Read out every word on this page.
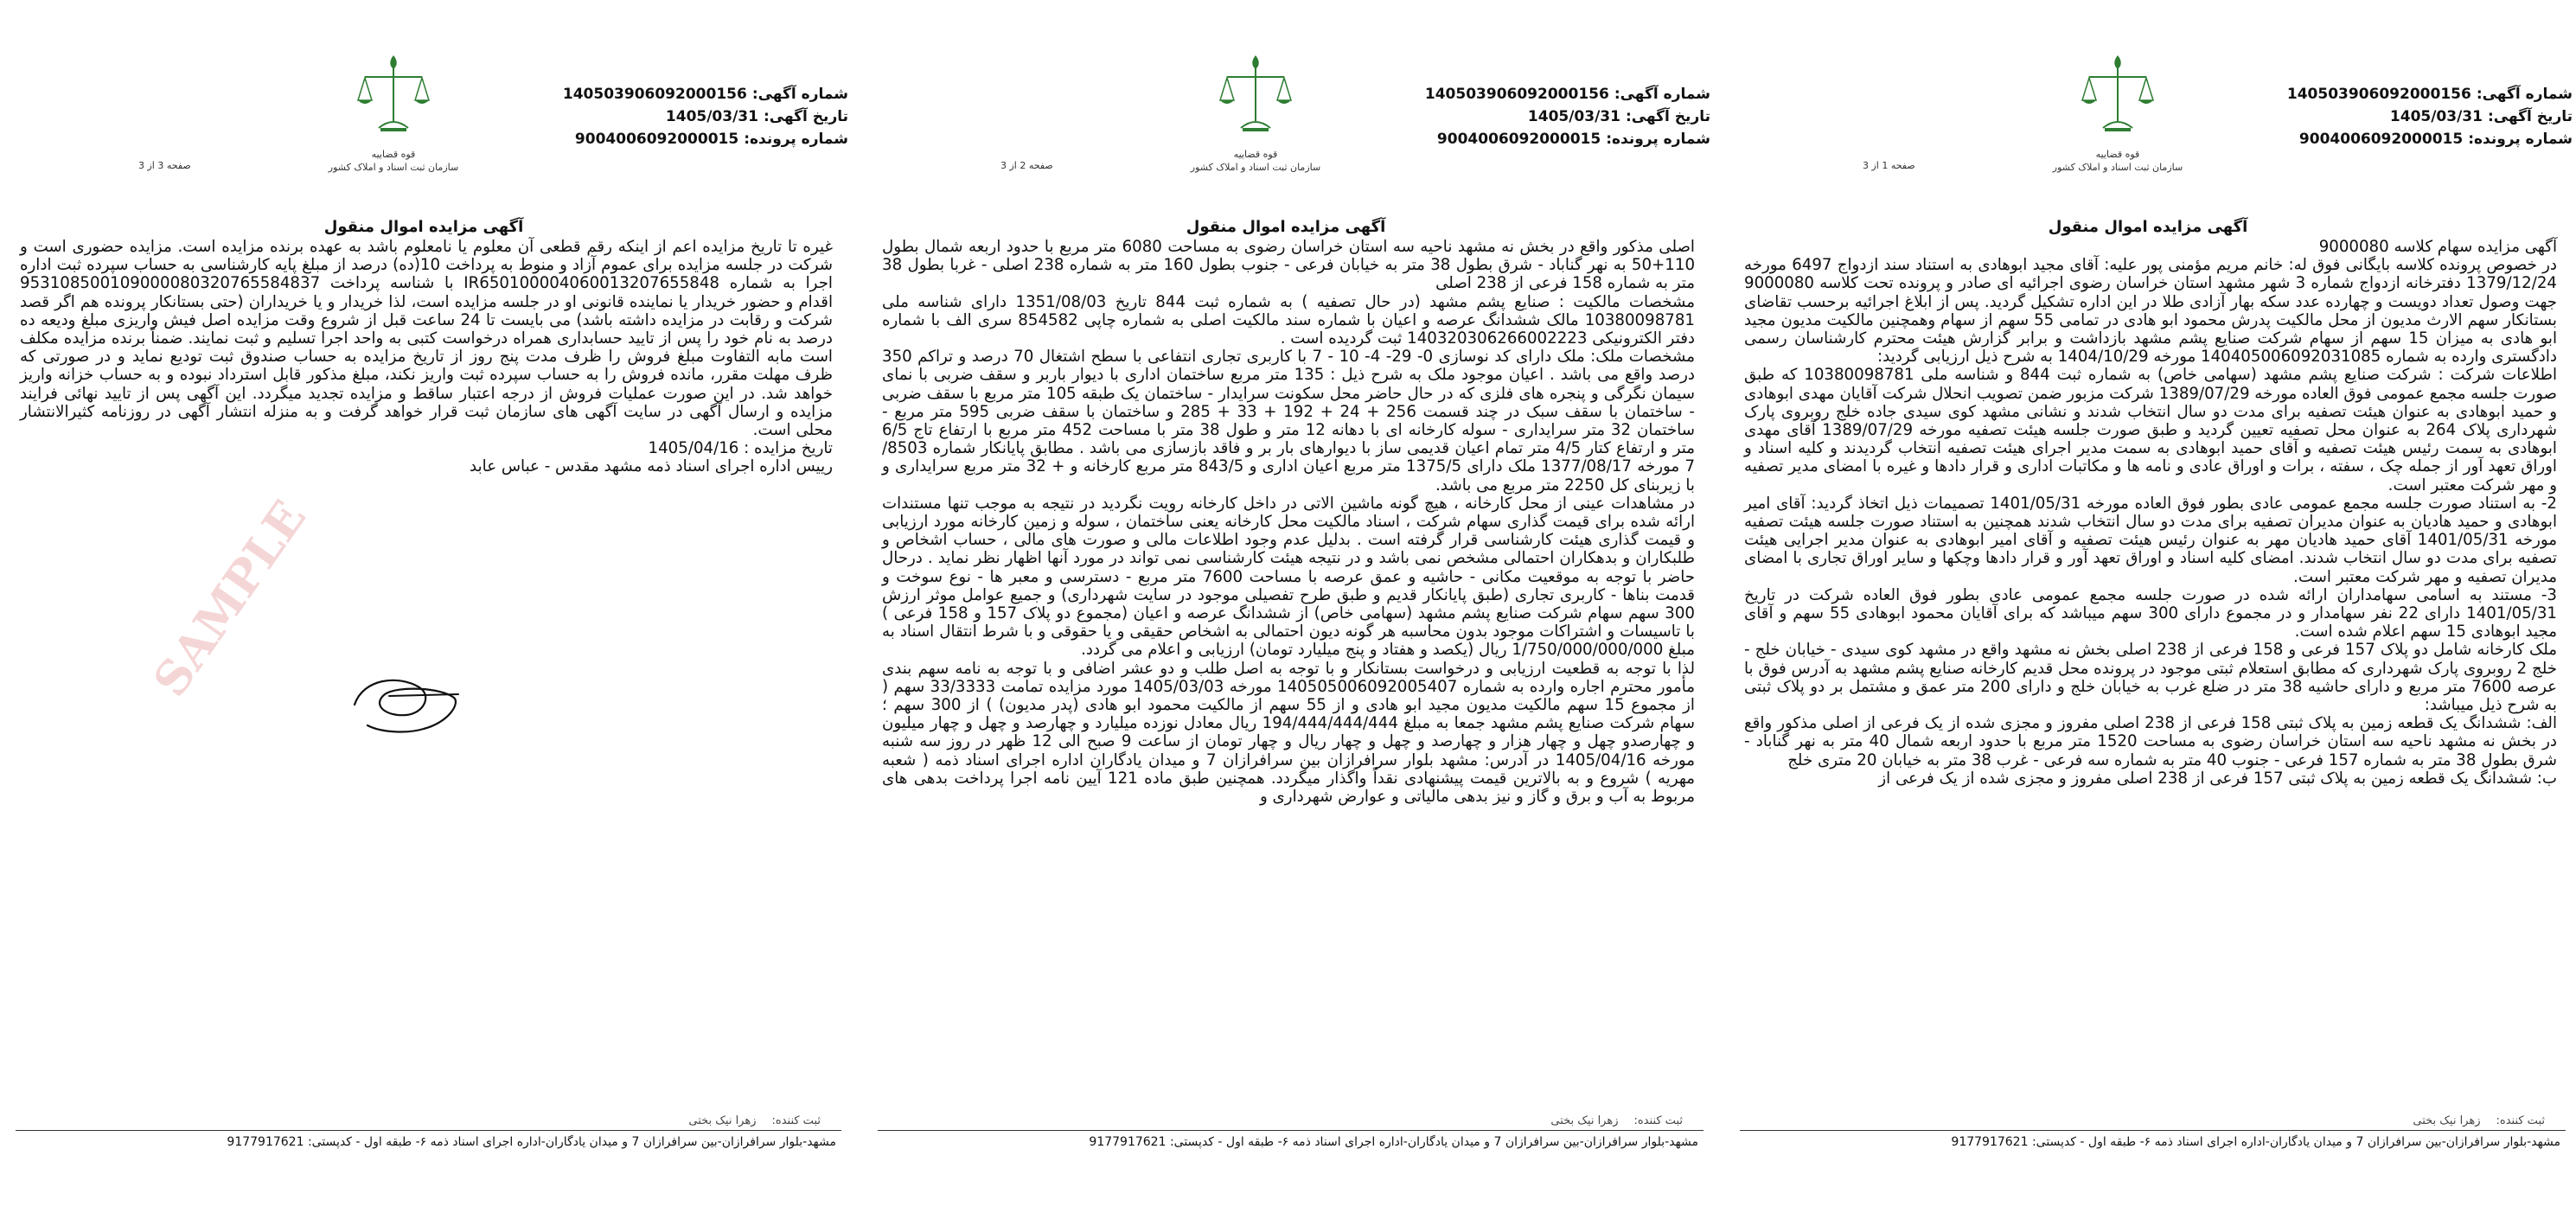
شماره آگهی:140503906092000156
تاریخ آگهی:1405/03/31
شماره پرونده:9004006092000015
قوه قضاییه
سازمان ثبت اسناد و املاک کشور
صفحه 1 از 3
آگهی مزایده اموال منقول

آگهی مزایده سهام کلاسه 9000080

در خصوص پرونده کلاسه بایگانی فوق له: خانم مریم مؤمنی پور علیه: آقای مجید ابوهادی به استناد سند ازدواج 6497 مورخه 1379/12/24 دفترخانه ازدواج شماره 3 شهر مشهد استان خراسان رضوی اجرائیه ای صادر و پرونده تحت کلاسه 9000080 جهت وصول تعداد دویست و چهارده عدد سکه بهار آزادی طلا در این اداره تشکیل گردید. پس از ابلاغ اجرائیه برحسب تقاضای بستانکار سهم الارث مدیون از محل مالکیت پدرش محمود ابو هادی در تمامی 55 سهم از سهام وهمچنین مالکیت مدیون مجید ابو هادی به میزان 15 سهم از سهام شرکت صنایع پشم مشهد بازداشت و برابر گزارش هیئت محترم کارشناسان رسمی دادگستری وارده به شماره 140405006092031085 مورخه 1404/10/29 به شرح ذیل ارزیابی گردید:

اطلاعات شرکت : شرکت صنایع پشم مشهد (سهامی خاص) به شماره ثبت 844 و شناسه ملی 10380098781 که طبق صورت جلسه مجمع عمومی فوق العاده مورخه 1389/07/29 شرکت مزبور ضمن تصویب انحلال شرکت آقایان مهدی ابوهادی و حمید ابوهادی به عنوان هیئت تصفیه برای مدت دو سال انتخاب شدند و نشانی مشهد کوی سیدی جاده خلج روبروی پارک شهرداری پلاک 264 به عنوان محل تصفیه تعیین گردید و طبق صورت جلسه هیئت تصفیه مورخه 1389/07/29 آقای مهدی ابوهادی به سمت رئیس هیئت تصفیه و آقای حمید ابوهادی به سمت مدیر اجرای هیئت تصفیه انتخاب گردیدند و کلیه اسناد و اوراق تعهد آور از جمله چک ، سفته ، برات و اوراق عادی و نامه ها و مکاتبات اداری و قرار دادها و غیره با امضای مدیر تصفیه و مهر شرکت معتبر است.

2- به استناد صورت جلسه مجمع عمومی عادی بطور فوق العاده مورخه 1401/05/31 تصمیمات ذیل اتخاذ گردید: آقای امیر ابوهادی و حمید هادیان به عنوان مدیران تصفیه برای مدت دو سال انتخاب شدند همچنین به استناد صورت جلسه هیئت تصفیه مورخه 1401/05/31 آقای حمید هادیان مهر به عنوان رئیس هیئت تصفیه و آقای امیر ابوهادی به عنوان مدیر اجرایی هیئت تصفیه برای مدت دو سال انتخاب شدند. امضای کلیه اسناد و اوراق تعهد آور و قرار دادها وچکها و سایر اوراق تجاری با امضای مدیران تصفیه و مهر شرکت معتبر است.

3- مستند به اسامی سهامداران ارائه شده در صورت جلسه مجمع عمومی عادی بطور فوق العاده شرکت در تاریخ 1401/05/31 دارای 22 نفر سهامدار و در مجموع دارای 300 سهم میباشد که برای آقایان محمود ابوهادی 55 سهم و آقای مجید ابوهادی 15 سهم اعلام شده است.

ملک کارخانه شامل دو پلاک 157 فرعی و 158 فرعی از 238 اصلی بخش نه مشهد واقع در مشهد کوی سیدی - خیابان خلج - خلج 2 روبروی پارک شهرداری که مطابق استعلام ثبتی موجود در پرونده محل قدیم کارخانه صنایع پشم مشهد به آدرس فوق با عرصه 7600 متر مربع و دارای حاشیه 38 متر در ضلع غرب به خیابان خلج و دارای 200 متر عمق و مشتمل بر دو پلاک ثبتی به شرح ذیل میباشد:

الف: ششدانگ یک قطعه زمین به پلاک ثبتی 158 فرعی از 238 اصلی مفروز و مجزی شده از یک فرعی از اصلی مذکور واقع در بخش نه مشهد ناحیه سه استان خراسان رضوی به مساحت 1520 متر مربع با حدود اربعه شمال 40 متر به نهر گناباد - شرق بطول 38 متر به شماره 157 فرعی - جنوب 40 متر به شماره سه فرعی - غرب 38 متر به خیابان 20 متری خلج

ب: ششدانگ یک قطعه زمین به پلاک ثبتی 157 فرعی از 238 اصلی مفروز و مجزی شده از یک فرعی از

ثبت کننده:زهرا نیک بختی
مشهد-بلوار سرافرازان-بین سرافرازان 7 و میدان یادگاران-اداره اجرای اسناد ذمه ۶- طبقه اول - کدپستی: 9177917621
شماره آگهی:140503906092000156
تاریخ آگهی:1405/03/31
شماره پرونده:9004006092000015
قوه قضاییه
سازمان ثبت اسناد و املاک کشور
صفحه 2 از 3
آگهی مزایده اموال منقول

اصلی مذکور واقع در بخش نه مشهد ناحیه سه استان خراسان رضوی به مساحت 6080 متر مربع با حدود اربعه شمال بطول 110+50 به نهر گناباد - شرق بطول 38 متر به خیابان فرعی - جنوب بطول 160 متر به شماره 238 اصلی - غربا بطول 38 متر به شماره 158 فرعی از 238 اصلی

مشخصات مالکیت : صنایع پشم مشهد (در حال تصفیه ) به شماره ثبت 844 تاریخ 1351/08/03 دارای شناسه ملی 10380098781 مالک ششدانگ عرصه و اعیان با شماره سند مالکیت اصلی به شماره چاپی 854582 سری الف با شماره دفتر الکترونیکی 140320306266002223 ثبت گردیده است .

مشخصات ملک: ملک دارای کد نوسازی 0- 29- 4- 10 - 7 با کاربری تجاری انتفاعی با سطح اشتغال 70 درصد و تراکم 350 درصد واقع می باشد . اعیان موجود ملک به شرح ذیل : 135 متر مربع ساختمان اداری با دیوار باربر و سقف ضربی با نمای سیمان نگرگی و پنجره های فلزی که در حال حاضر محل سکونت سرایدار - ساختمان یک طبقه 105 متر مربع با سقف ضربی - ساختمان با سقف سبک در چند قسمت 256 + 24 + 192 + 33 + 285 و ساختمان با سقف ضربی 595 متر مربع - ساختمان 32 متر سرایداری - سوله کارخانه ای با دهانه 12 متر و طول 38 متر با مساحت 452 متر مربع با ارتفاع تاج 6/5 متر و ارتفاع کتار 4/5 متر تمام اعیان قدیمی ساز با دیوارهای بار بر و فاقد بازسازی می باشد . مطابق پایانکار شماره 8503/ 7 مورخه 1377/08/17 ملک دارای 1375/5 متر مربع اعیان اداری و 843/5 متر مربع کارخانه و + 32 متر مربع سرایداری و با زیربنای کل 2250 متر مربع می باشد.

در مشاهدات عینی از محل کارخانه ، هیچ گونه ماشین الاتی در داخل کارخانه رویت نگردید در نتیجه به موجب تنها مستندات ارائه شده برای قیمت گذاری سهام شرکت ، اسناد مالکیت محل کارخانه یعنی ساختمان ، سوله و زمین کارخانه مورد ارزیابی و قیمت گذاری هیئت کارشناسی قرار گرفته است . بدلیل عدم وجود اطلاعات مالی و صورت های مالی ، حساب اشخاص و طلبکاران و بدهکاران احتمالی مشخص نمی باشد و در نتیجه هیئت کارشناسی نمی تواند در مورد آنها اظهار نظر نماید . درحال حاضر با توجه به موقعیت مکانی - حاشیه و عمق عرصه با مساحت 7600 متر مربع - دسترسی و معبر ها - نوع سوخت و قدمت بناها - کاربری تجاری (طبق پایانکار قدیم و طبق طرح تفصیلی موجود در سایت شهرداری) و جمیع عوامل موثر ارزش 300 سهم سهام شرکت صنایع پشم مشهد (سهامی خاص) از ششدانگ عرصه و اعیان (مجموع دو پلاک 157 و 158 فرعی ) با تاسیسات و اشتراکات موجود بدون محاسبه هر گونه دیون احتمالی به اشخاص حقیقی و یا حقوقی و با شرط انتقال اسناد به مبلغ 1/750/000/000/000 ریال (یکصد و هفتاد و پنج میلیارد تومان) ارزیابی و اعلام می گردد.

لذا با توجه به قطعیت ارزیابی و درخواست بستانکار و با توجه به اصل طلب و دو عشر اضافی و با توجه به نامه سهم بندی مأمور محترم اجاره وارده به شماره 140505006092005407 مورخه 1405/03/03 مورد مزایده تمامت 33/3333 سهم ( از مجموع 15 سهم مالکیت مدیون مجید ابو هادی و از 55 سهم از مالکیت محمود ابو هادی (پدر مدیون) ) از 300 سهم ؛ سهام شرکت صنایع پشم مشهد جمعا به مبلغ 194/444/444/444 ریال معادل نوزده میلیارد و چهارصد و چهل و چهار میلیون و چهارصدو چهل و چهار هزار و چهارصد و چهل و چهار ریال و چهار تومان از ساعت 9 صبح الی 12 ظهر در روز سه شنبه مورخه 1405/04/16 در آدرس: مشهد بلوار سرافرازان بین سرافرازان 7 و میدان یادگاران اداره اجرای اسناد ذمه ( شعبه مهریه ) شروع و به بالاترین قیمت پیشنهادی نقداً واگذار میگردد. همچنین طبق ماده 121 آیین نامه اجرا پرداخت بدهی های مربوط به آب و برق و گاز و نیز بدهی مالیاتی و عوارض شهرداری و

ثبت کننده:زهرا نیک بختی
مشهد-بلوار سرافرازان-بین سرافرازان 7 و میدان یادگاران-اداره اجرای اسناد ذمه ۶- طبقه اول - کدپستی: 9177917621
شماره آگهی:140503906092000156
تاریخ آگهی:1405/03/31
شماره پرونده:9004006092000015
قوه قضاییه
سازمان ثبت اسناد و املاک کشور
صفحه 3 از 3
آگهی مزایده اموال منقول

غیره تا تاریخ مزایده اعم از اینکه رقم قطعی آن معلوم یا نامعلوم باشد به عهده برنده مزایده است. مزایده حضوری است و شرکت در جلسه مزایده برای عموم آزاد و منوط به پرداخت 10(ده) درصد از مبلغ پایه کارشناسی به حساب سپرده ثبت اداره اجرا به شماره IR650100004060013207655848 با شناسه پرداخت 953108500109000080320765584837 اقدام و حضور خریدار یا نماینده قانونی او در جلسه مزایده است، لذا خریدار و یا خریداران (حتی بستانکار پرونده هم اگر قصد شرکت و رقابت در مزایده داشته باشد) می بایست تا 24 ساعت قبل از شروع وقت مزایده اصل فیش واریزی مبلغ ودیعه ده درصد به نام خود را پس از تایید حسابداری همراه درخواست کتبی به واحد اجرا تسلیم و ثبت نمایند. ضمناً برنده مزایده مکلف است مابه التفاوت مبلغ فروش را ظرف مدت پنج روز از تاریخ مزایده به حساب صندوق ثبت تودیع نماید و در صورتی که ظرف مهلت مقرر، مانده فروش را به حساب سپرده ثبت واریز نکند، مبلغ مذکور قابل استرداد نبوده و به حساب خزانه واریز خواهد شد. در این صورت عملیات فروش از درجه اعتبار ساقط و مزایده تجدید میگردد. این آگهی پس از تایید نهائی فرایند مزایده و ارسال آگهی در سایت آگهی های سازمان ثبت قرار خواهد گرفت و به منزله انتشار آگهی در روزنامه کثیرالانتشار محلی است.

تاریخ مزایده : 1405/04/16

رییس اداره اجرای اسناد ذمه مشهد مقدس - عباس عابد

SAMPLE
ثبت کننده:زهرا نیک بختی
مشهد-بلوار سرافرازان-بین سرافرازان 7 و میدان یادگاران-اداره اجرای اسناد ذمه ۶- طبقه اول - کدپستی: 9177917621
